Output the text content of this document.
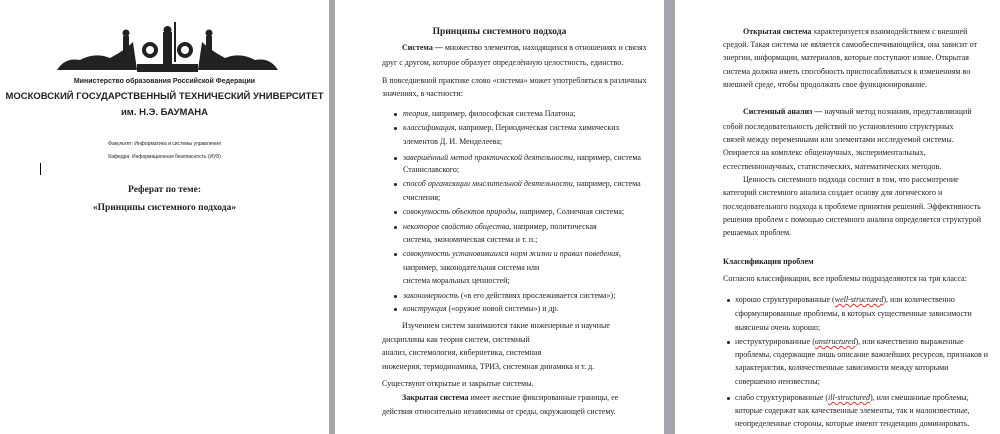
Министерство образования Российской Федерации
МОСКОВСКИЙ ГОСУДАРСТВЕННЫЙ ТЕХНИЧЕСКИЙ УНИВЕРСИТЕТ
им. Н.Э. БАУМАНА
Факультет: Информатика и системы управления
Кафедра: Информационная безопасность (ИУ8)
Реферат по теме:
«Принципы системного подхода»
Принципы системного подхода
Система — множество элементов, находящихся в отношениях и связях
друг с другом, которое образует определённую целостность, единство.
В повседневной практике слово «система» может употребляться в различных
значениях, в частности:
теория, например, философская система Платона;
классификация, например, Периодическая система химических
элементов Д. И. Менделеева;
завершённый метод практической деятельности, например, система
Станиславского;
способ организации мыслительной деятельности, например, система
счисления;
совокупность объектов природы, например, Солнечная система;
некоторое свойство общества, например, политическая
система, экономическая система и т. п.;
совокупность установившихся норм жизни и правил поведения,
например, законодательная система или
система моральных ценностей;
закономерность («в его действиях прослеживается система»);
конструкция («оружие новой системы») и др.
Изучением систем занимаются такие инженерные и научные
дисциплины как теория систем, системный
анализ, системология, кибернетика, системная
инженерия, термодинамика, ТРИЗ, системная динамика и т. д.
Существуют открытые и закрытые системы.
Закрытая система имеет жесткие фиксированные границы, ее
действия относительно независимы от среды, окружающей систему.
Открытая система характеризуется взаимодействием с внешней
средой. Такая система не является самообеспечивающейся, она зависит от
энергии, информации, материалов, которые поступают извне. Открытая
система должна иметь способность приспосабливаться к изменениям во
внешней среде, чтобы продолжать свое функционирование.
Системный анализ — научный метод познания, представляющий
собой последовательность действий по установлению структурных
связей между переменными или элементами исследуемой системы.
Опирается на комплекс общенаучных, экспериментальных,
естественнонаучных, статистических, математических методов.
Ценность системного подхода состоит в том, что рассмотрение
категорий системного анализа создает основу для логического и
последовательного подхода к проблеме принятия решений. Эффективность
решения проблем с помощью системного анализа определяется структурой
решаемых проблем.
Классификация проблем
Согласно классификации, все проблемы подразделяются на три класса:
хорошо структурированные (well-structured), или количественно
сформулированные проблемы, в которых существенные зависимости
выяснены очень хорошо;
неструктурированные (unstructured), или качественно выраженные
проблемы, содержащие лишь описание важнейших ресурсов, признаков и
характеристик, количественные зависимости между которыми
совершенно неизвестны;
слабо структурированные (ill-structured), или смешанные проблемы,
которые содержат как качественные элементы, так и малоизвестные,
неопределенные стороны, которые имеют тенденцию доминировать.
